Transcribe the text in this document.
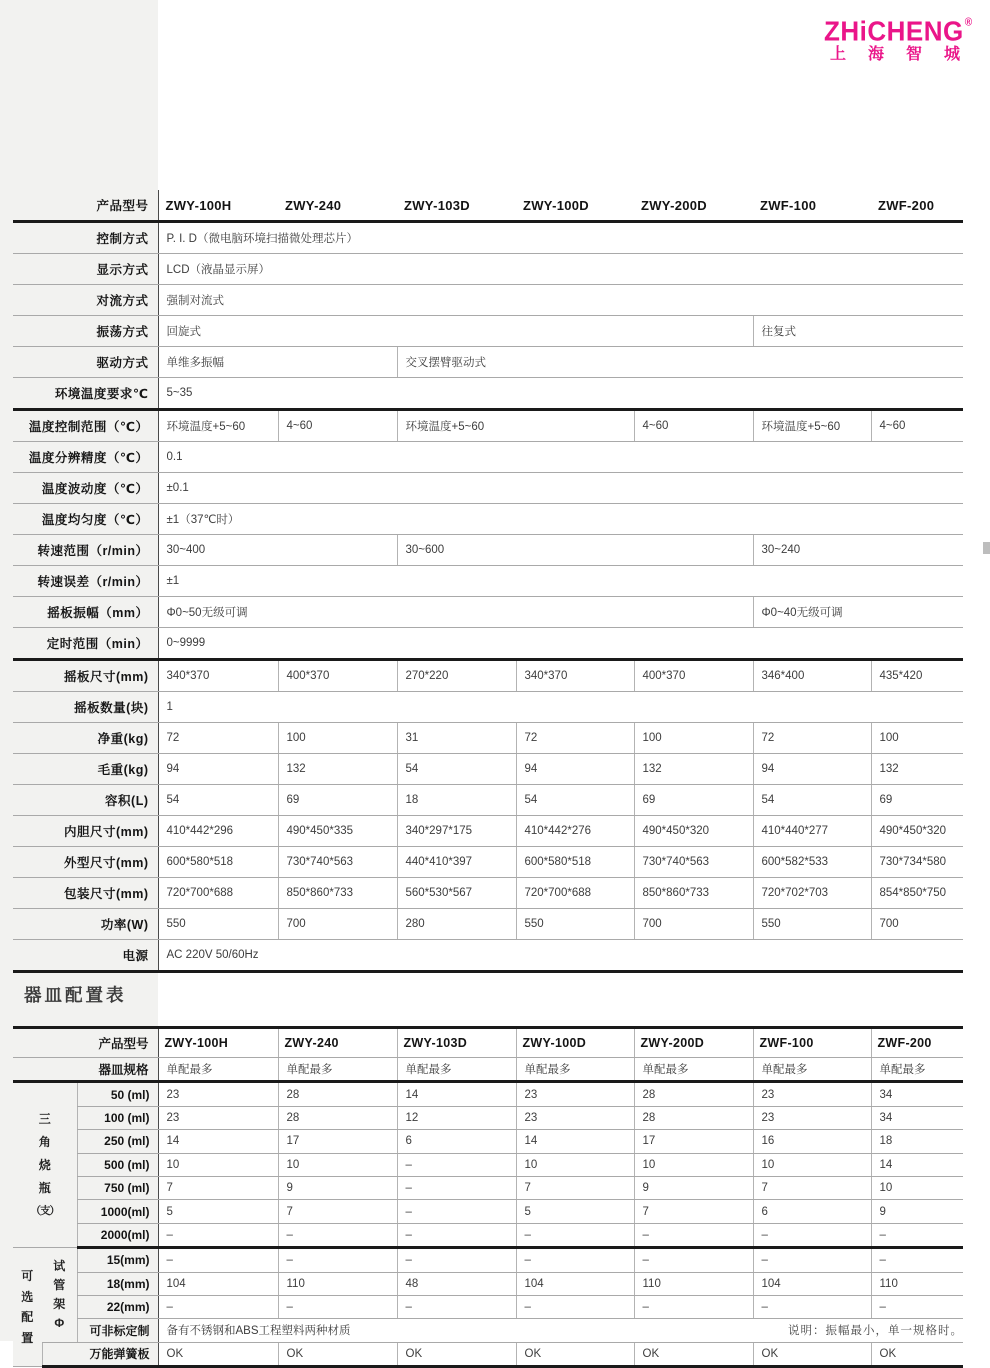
ZHiCHENG®
上 海 智 城
产品型号	ZWY-100H	ZWY-240	ZWY-103D	ZWY-100D	ZWY-200D	ZWF-100	ZWF-200
控制方式	P. I. D（微电脑环境扫描微处理芯片）						
显示方式	LCD（液晶显示屏）						
对流方式	强制对流式						
振荡方式	回旋式					往复式	
驱动方式	单维多振幅		交叉摆臂驱动式				
环境温度要求℃	5~35						
温度控制范围（℃）	环境温度+5~60	4~60	环境温度+5~60		4~60	环境温度+5~60	4~60
温度分辨精度（℃）	0.1						
温度波动度（℃）	±0.1						
温度均匀度（℃）	±1（37℃时）						
转速范围（r/min）	30~400		30~600			30~240	
转速误差（r/min）	±1						
摇板振幅（mm）	Φ0~50无级可调					Φ0~40无级可调	
定时范围（min）	0~9999						
摇板尺寸(mm)	340*370	400*370	270*220	340*370	400*370	346*400	435*420
摇板数量(块)	1						
净重(kg)	72	100	31	72	100	72	100
毛重(kg)	94	132	54	94	132	94	132
容积(L)	54	69	18	54	69	54	69
内胆尺寸(mm)	410*442*296	490*450*335	340*297*175	410*442*276	490*450*320	410*440*277	490*450*320
外型尺寸(mm)	600*580*518	730*740*563	440*410*397	600*580*518	730*740*563	600*582*533	730*734*580
包装尺寸(mm)	720*700*688	850*860*733	560*530*567	720*700*688	850*860*733	720*702*703	854*850*750
功率(W)	550	700	280	550	700	550	700
电源	AC 220V 50/60Hz						
器皿配置表
产品型号			ZWY-100H	ZWY-240	ZWY-103D	ZWY-100D	ZWY-200D	ZWF-100	ZWF-200
器皿规格			单配最多	单配最多	单配最多	单配最多	单配最多	单配最多	单配最多

三
角
烧
瓶
（支）		50 (ml)	23	28	14	23	28	23	34
		100 (ml)	23	28	12	23	28	23	34
		250 (ml)	14	17	6	14	17	16	18
		500 (ml)	10	10	–	10	10	10	14
		750 (ml)	7	9	–	7	9	7	10
		1000(ml)	5	7	–	5	7	6	9
		2000(ml)	–	–	–	–	–	–	–

可
选
配
置	试
管
架
Φ	15(mm)	–	–	–	–	–	–	–
		18(mm)	104	110	48	104	110	104	110
		22(mm)	–	–	–	–	–	–	–
		可非标定制	备有不锈钢和ABS工程塑料两种材质						
	万能弹簧板		OK	OK	OK	OK	OK	OK	OK
说明：振幅最小，单一规格时。
